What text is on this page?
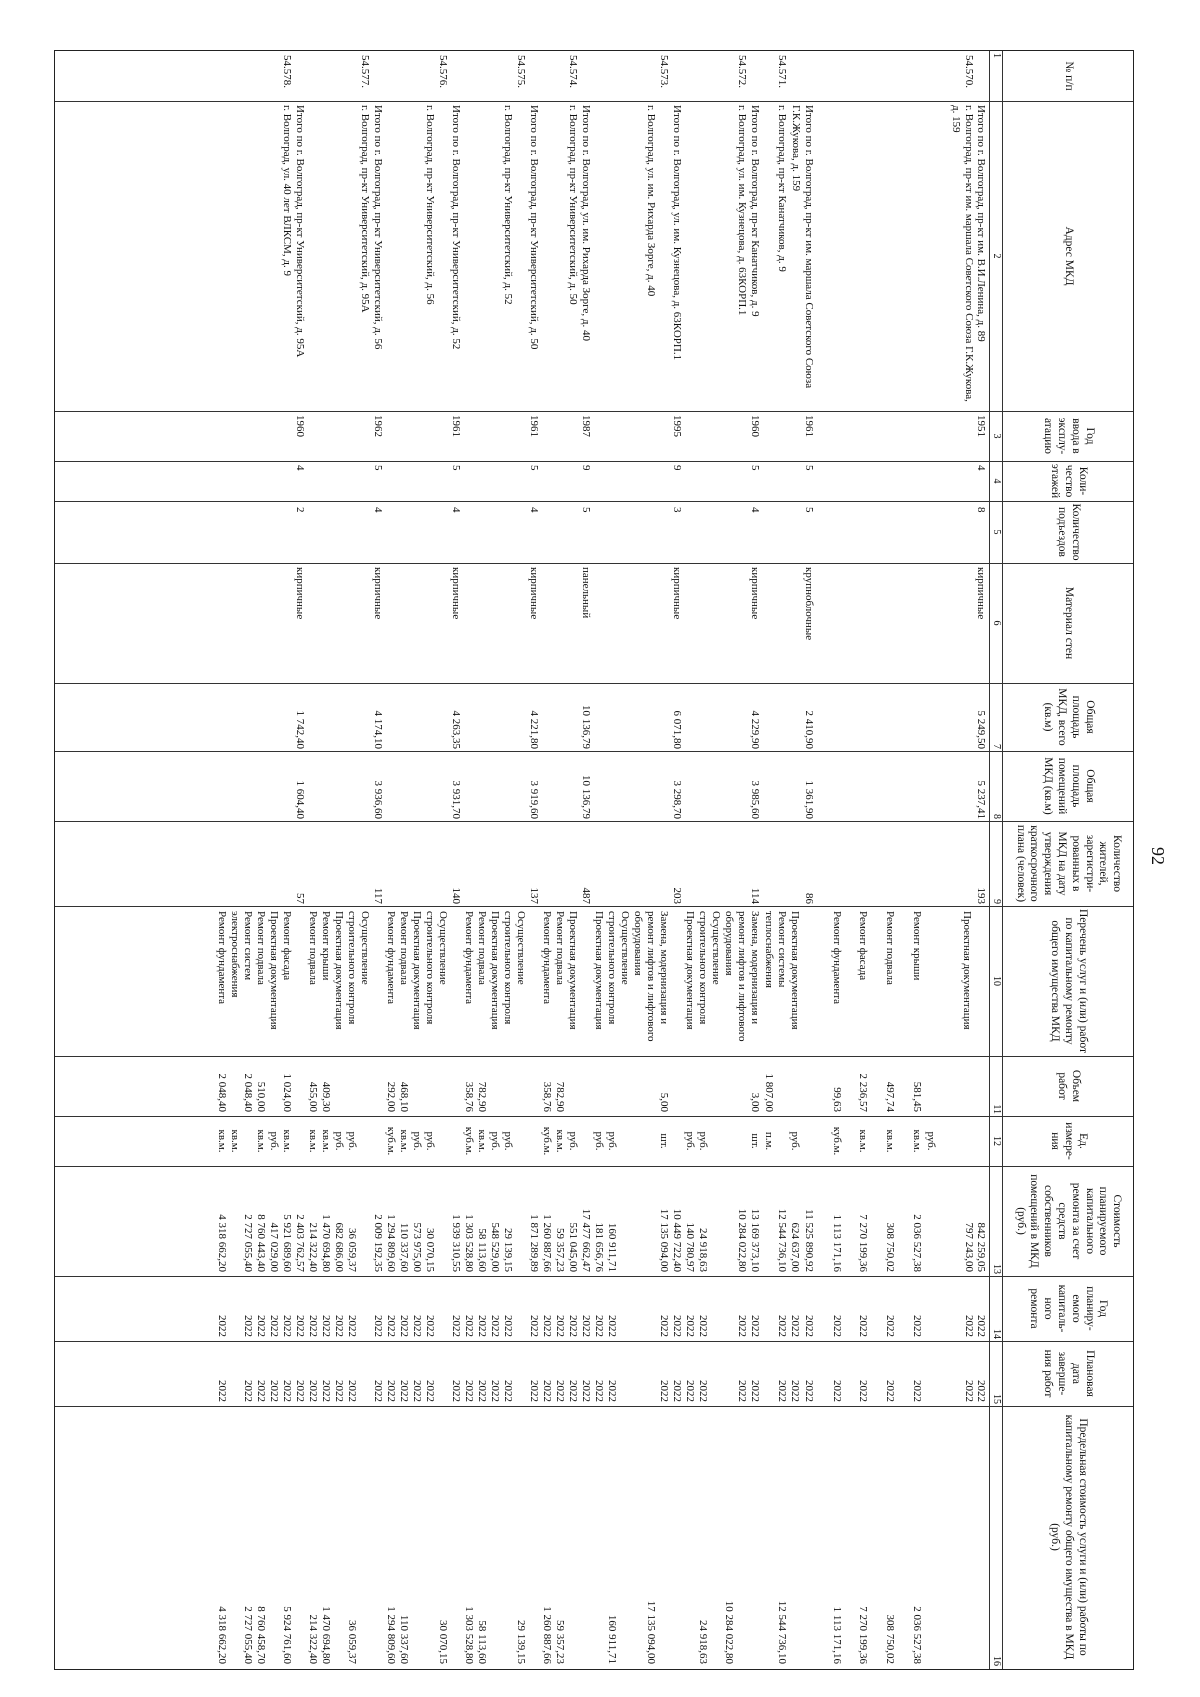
92
№ п/п
Адрес МКД
Год ввода в эксплу-атацию
Коли-чество этажей
Количество подъездов
Материал стен
Общая площадь МКД, всего (кв.м)
Общая площадь помещений МКД (кв.м)
Количество жителей, зарегистри-рованных в МКД на дату утверждения краткосрочного плана (человек)
Перечень услуг и (или) работ по капитальному ремонту общего имущества МКД
Объем работ
Ед. измере-ния
Стоимость планируемого капитального ремонта за счет средств собственников помещений в МКД (руб.)
Год планиру-емого капиталь-ного ремонта
Плановая дата заверше-ния работ
Предельная стоимость услуги и (или) работы по капитальному ремонту общего имущества в МКД (руб.)
1
2
3
4
5
6
7
8
9
10
11
12
13
14
15
16
Итого по г. Волгоград, пр-кт им. В.И.Ленина, д. 89
842 259,05
2022
2022
54.570.
г. Волгоград, пр-кт им. маршала Советского Союза Г.К.Жукова, д. 159
1951
4
8
кирпичные
5 249,50
5 237,41
193
Проектная документация
797 243,00
2022
2022
Ремонт крыши
руб.
581,45
кв.м.
2 036 527,38
2022
2022
2 036 527,38
Ремонт подвала
497,74
кв.м.
308 750,02
2022
2022
308 750,02
Ремонт фасада
2 236,57
кв.м.
7 270 199,36
2022
2022
7 270 199,36
Ремонт фундамента
99,63
куб.м.
1 113 171,16
2022
2022
1 113 171,16
Итого по г. Волгоград, пр-кт им. маршала Советского Союза Г.К.Жукова, д. 159
11 525 890,92
2022
2022
54.571.
г. Волгоград, пр-кт Канатчиков, д. 9
1961
5
5
крупноблочные
2 410,90
1 361,90
86
Проектная документация
руб.
624 637,00
2022
2022
Ремонт системы
теплоснабжения
1 807,00
п.м.
12 544 736,10
2022
2022
12 544 736,10
Итого по г. Волгоград, пр-кт Канатчиков, д. 9
13 169 373,10
2022
2022
54.572.
г. Волгоград, ул. им. Кузнецова, д. 63КОРП.1
1960
5
4
кирпичные
4 229,90
3 985,60
114
Замена, модернизация и
ремонт лифтов и лифтового
оборудования
3,00
шт.
10 284 022,80
2022
2022
10 284 022,80
Осуществление
строительного контроля
руб.
24 918,63
2022
2022
24 918,63
Проектная документация
руб.
140 780,97
2022
2022
Итого по г. Волгоград, ул. им. Кузнецова, д. 63КОРП.1
10 449 722,40
2022
2022
54.573.
г. Волгоград, ул. им. Рихарда Зорге, д. 40
1995
9
3
кирпичные
6 071,80
3 298,70
203
Замена, модернизация и
ремонт лифтов и лифтового
оборудования
5,00
шт.
17 135 094,00
2022
2022
17 135 094,00
Осуществление
строительного контроля
руб.
160 911,71
2022
2022
160 911,71
Проектная документация
руб.
181 656,76
2022
2022
Итого по г. Волгоград, ул. им. Рихарда Зорге, д. 40
17 477 662,47
2022
2022
54.574.
г. Волгоград, пр-кт Университетский, д. 50
1987
9
5
панельный
10 136,79
10 136,79
487
Проектная документация
руб.
551 045,00
2022
2022
Ремонт подвала
782,90
кв.м.
59 357,23
2022
2022
59 357,23
Ремонт фундамента
358,76
куб.м.
1 260 887,66
2022
2022
1 260 887,66
Итого по г. Волгоград, пр-кт Университетский, д. 50
1 871 289,89
2022
2022
54.575.
г. Волгоград, пр-кт Университетский, д. 52
1961
5
4
кирпичные
4 221,80
3 919,60
137
Осуществление
строительного контроля
руб.
29 139,15
2022
2022
29 139,15
Проектная документация
руб.
548 529,00
2022
2022
Ремонт подвала
782,90
кв.м.
58 113,60
2022
2022
58 113,60
Ремонт фундамента
358,76
куб.м.
1 303 528,80
2022
2022
1 303 528,80
Итого по г. Волгоград, пр-кт Университетский, д. 52
1 939 310,55
2022
2022
54.576.
г. Волгоград, пр-кт Университетский, д. 56
1961
5
4
кирпичные
4 263,35
3 931,70
140
Осуществление
строительного контроля
руб.
30 070,15
2022
2022
30 070,15
Проектная документация
руб.
573 975,00
2022
2022
Ремонт подвала
468,10
кв.м.
110 337,60
2022
2022
110 337,60
Ремонт фундамента
292,00
куб.м.
1 294 809,60
2022
2022
1 294 809,60
Итого по г. Волгоград, пр-кт Университетский, д. 56
2 009 192,35
2022
2022
54.577.
г. Волгоград, пр-кт Университетский, д. 95А
1962
5
4
кирпичные
4 174,10
3 936,60
117
Осуществление
строительного контроля
руб.
36 059,37
2022
2022
36 059,37
Проектная документация
руб.
682 686,00
2022
2022
Ремонт крыши
409,30
кв.м.
1 470 694,80
2022
2022
1 470 694,80
Ремонт подвала
455,00
кв.м.
214 322,40
2022
2022
214 322,40
Итого по г. Волгоград, пр-кт Университетский, д. 95А
2 403 762,57
2022
2022
54.578.
г. Волгоград, ул. 40 лет ВЛКСМ, д. 9
1960
4
2
кирпичные
1 742,40
1 604,40
57
Ремонт фасада
1 024,00
кв.м.
5 921 689,60
2022
2022
5 924 761,60
Проектная документация
руб.
417 029,00
2022
2022
Ремонт подвала
510,00
кв.м.
8 760 443,40
2022
2022
8 760 458,70
Ремонт систем
электроснабжения
2 048,40
кв.м.
2 727 055,40
2022
2022
2 727 055,40
Ремонт фундамента
2 048,40
кв.м.
4 318 662,20
2022
2022
4 318 662,20
